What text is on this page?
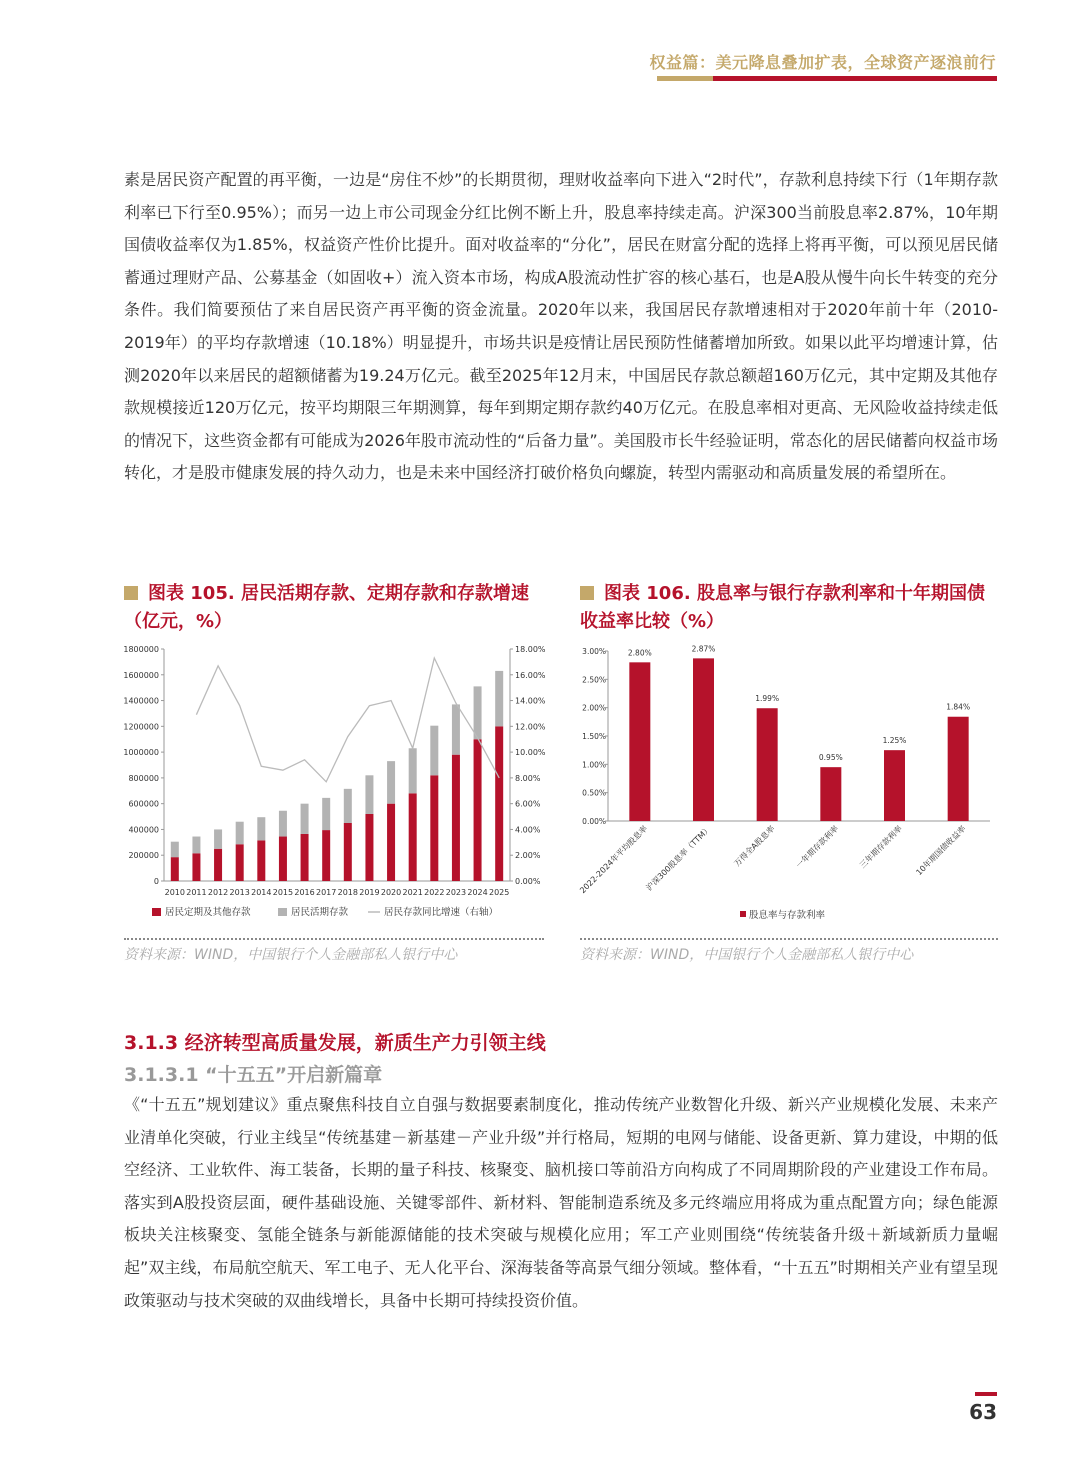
权益篇：美元降息叠加扩表，全球资产逐浪前行

素是居民资产配置的再平衡，一边是“房住不炒”的长期贯彻，理财收益率向下进入“2时代”，存款利息持续下行（1年期存款利率已下行至0.95%）；而另一边上市公司现金分红比例不断上升，股息率持续走高。沪深300当前股息率2.87%，10年期国债收益率仅为1.85%，权益资产性价比提升。面对收益率的“分化”，居民在财富分配的选择上将再平衡，可以预见居民储蓄通过理财产品、公募基金（如固收+）流入资本市场，构成A股流动性扩容的核心基石，也是A股从慢牛向长牛转变的充分条件。我们简要预估了来自居民资产再平衡的资金流量。2020年以来，我国居民存款增速相对于2020年前十年（2010-2019年）的平均存款增速（10.18%）明显提升，市场共识是疫情让居民预防性储蓄增加所致。如果以此平均增速计算，估测2020年以来居民的超额储蓄为19.24万亿元。截至2025年12月末，中国居民存款总额超160万亿元，其中定期及其他存款规模接近120万亿元，按平均期限三年期测算，每年到期定期存款约40万亿元。在股息率相对更高、无风险收益持续走低的情况下，这些资金都有可能成为2026年股市流动性的“后备力量”。美国股市长牛经验证明，常态化的居民储蓄向权益市场转化，才是股市健康发展的持久动力，也是未来中国经济打破价格负向螺旋，转型内需驱动和高质量发展的希望所在。

图表 105. 居民活期存款、定期存款和存款增速
（亿元，%）
图表 106. 股息率与银行存款利率和十年期国债
收益率比较（%）
0
200000
400000
600000
800000
1000000
1200000
1400000
1600000
1800000
0.00%
2.00%
4.00%
6.00%
8.00%
10.00%
12.00%
14.00%
16.00%
18.00%
2010 2011 2012 2013 2014 2015 2016 2017 2018 2019 2020 2021 2022 2023 2024 2025
居民定期及其他存款	居民活期存款	居民存款同比增速（右轴）
0.00%
0.50%
1.00%
1.50%
2.00%
2.50%
3.00%	2.80%
2022-2024年平均股息率
2.87%
沪深300股息率（TTM）
1.99%
万得全A股息率
0.95%
一年期存款利率
1.25%
三年期存款利率
1.84%
10年期国债收益率
股息率与存款利率
资料来源：WIND，中国银行个人金融部私人银行中心	资料来源：WIND，中国银行个人金融部私人银行中心
3.1.3 经济转型高质量发展，新质生产力引领主线
3.1.3.1 “十五五”开启新篇章

《“十五五”规划建议》重点聚焦科技自立自强与数据要素制度化，推动传统产业数智化升级、新兴产业规模化发展、未来产业清单化突破，行业主线呈“传统基建－新基建－产业升级”并行格局，短期的电网与储能、设备更新、算力建设，中期的低空经济、工业软件、海工装备，长期的量子科技、核聚变、脑机接口等前沿方向构成了不同周期阶段的产业建设工作布局。落实到A股投资层面，硬件基础设施、关键零部件、新材料、智能制造系统及多元终端应用将成为重点配置方向；绿色能源板块关注核聚变、氢能全链条与新能源储能的技术突破与规模化应用；军工产业则围绕“传统装备升级＋新域新质力量崛起”双主线，布局航空航天、军工电子、无人化平台、深海装备等高景气细分领域。整体看，“十五五”时期相关产业有望呈现政策驱动与技术突破的双曲线增长，具备中长期可持续投资价值。

63
